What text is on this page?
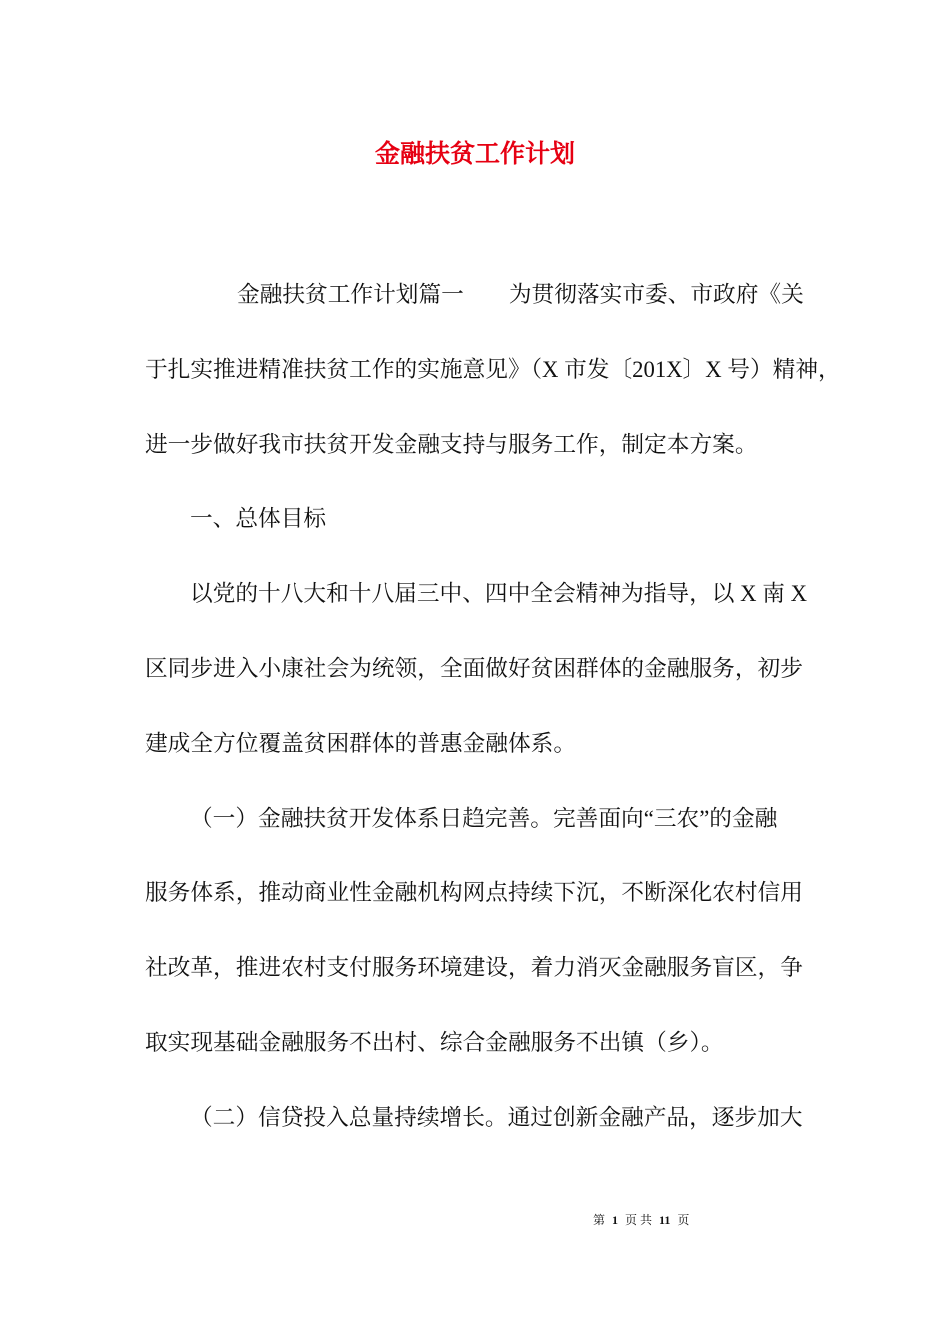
金融扶贫工作计划
金融扶贫工作计划篇一 为贯彻落实市委、市政府《关
于扎实推进精准扶贫工作的实施意见》（X 市发〔201X〕X 号）精神，
进一步做好我市扶贫开发金融支持与服务工作，制定本方案。
一、总体目标
以党的十八大和十八届三中、四中全会精神为指导，以 X 南 X
区同步进入小康社会为统领，全面做好贫困群体的金融服务，初步
建成全方位覆盖贫困群体的普惠金融体系。
（一）金融扶贫开发体系日趋完善。完善面向“三农”的金融
服务体系，推动商业性金融机构网点持续下沉，不断深化农村信用
社改革，推进农村支付服务环境建设，着力消灭金融服务盲区，争
取实现基础金融服务不出村、综合金融服务不出镇（乡）。
（二）信贷投入总量持续增长。通过创新金融产品，逐步加大
第 1 页 共 11 页
